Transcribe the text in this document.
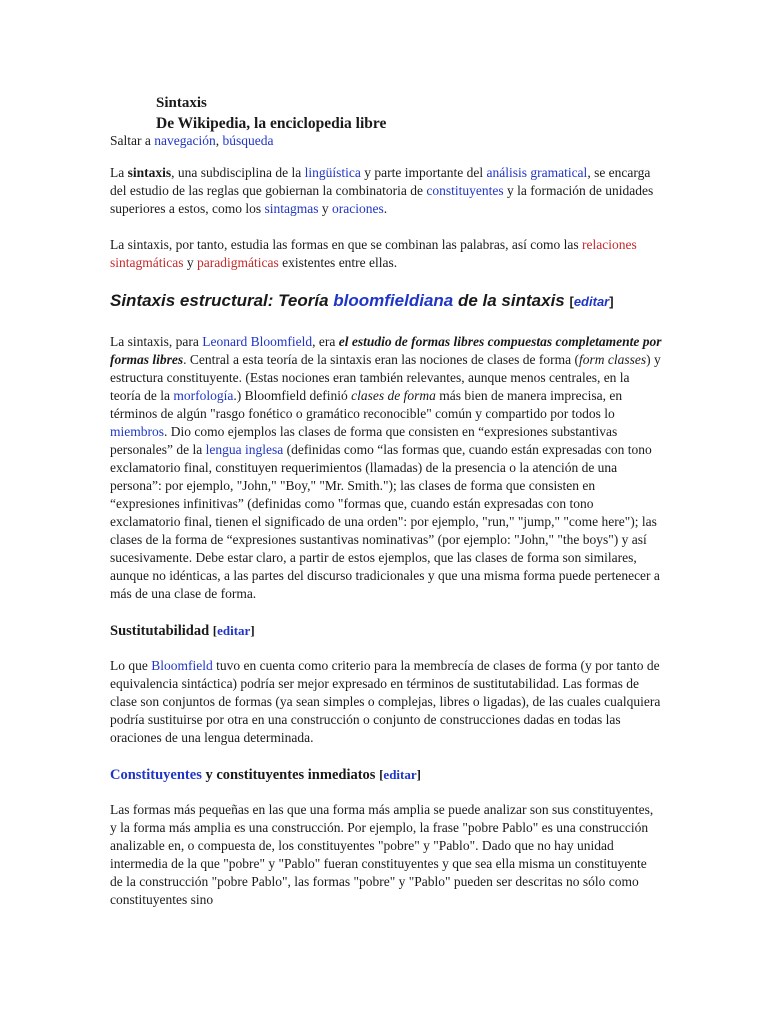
Sintaxis
De Wikipedia, la enciclopedia libre

Saltar a navegación, búsqueda

La sintaxis, una subdisciplina de la lingüística y parte importante del análisis gramatical, se encarga del estudio de las reglas que gobiernan la combinatoria de constituyentes y la formación de unidades superiores a estos, como los sintagmas y oraciones.

La sintaxis, por tanto, estudia las formas en que se combinan las palabras, así como las relaciones sintagmáticas y paradigmáticas existentes entre ellas.

Sintaxis estructural: Teoría bloomfieldiana de la sintaxis [editar]

La sintaxis, para Leonard Bloomfield, era el estudio de formas libres compuestas completamente por formas libres. Central a esta teoría de la sintaxis eran las nociones de clases de forma (form classes) y estructura constituyente. (Estas nociones eran también relevantes, aunque menos centrales, en la teoría de la morfología.) Bloomfield definió clases de forma más bien de manera imprecisa, en términos de algún "rasgo fonético o gramático reconocible" común y compartido por todos lo miembros. Dio como ejemplos las clases de forma que consisten en “expresiones substantivas personales” de la lengua inglesa (definidas como “las formas que, cuando están expresadas con tono exclamatorio final, constituyen requerimientos (llamadas) de la presencia o la atención de una persona”: por ejemplo, "John," "Boy," "Mr. Smith."); las clases de forma que consisten en “expresiones infinitivas” (definidas como "formas que, cuando están expresadas con tono exclamatorio final, tienen el significado de una orden": por ejemplo, "run," "jump," "come here"); las clases de la forma de “expresiones sustantivas nominativas” (por ejemplo: "John," "the boys") y así sucesivamente. Debe estar claro, a partir de estos ejemplos, que las clases de forma son similares, aunque no idénticas, a las partes del discurso tradicionales y que una misma forma puede pertenecer a más de una clase de forma.

Sustitutabilidad [editar]

Lo que Bloomfield tuvo en cuenta como criterio para la membrecía de clases de forma (y por tanto de equivalencia sintáctica) podría ser mejor expresado en términos de sustitutabilidad. Las formas de clase son conjuntos de formas (ya sean simples o complejas, libres o ligadas), de las cuales cualquiera podría sustituirse por otra en una construcción o conjunto de construcciones dadas en todas las oraciones de una lengua determinada.

Constituyentes y constituyentes inmediatos [editar]

Las formas más pequeñas en las que una forma más amplia se puede analizar son sus constituyentes, y la forma más amplia es una construcción. Por ejemplo, la frase "pobre Pablo" es una construcción analizable en, o compuesta de, los constituyentes "pobre" y "Pablo". Dado que no hay unidad intermedia de la que "pobre" y "Pablo" fueran constituyentes y que sea ella misma un constituyente de la construcción "pobre Pablo", las formas "pobre" y "Pablo" pueden ser descritas no sólo como constituyentes sino
